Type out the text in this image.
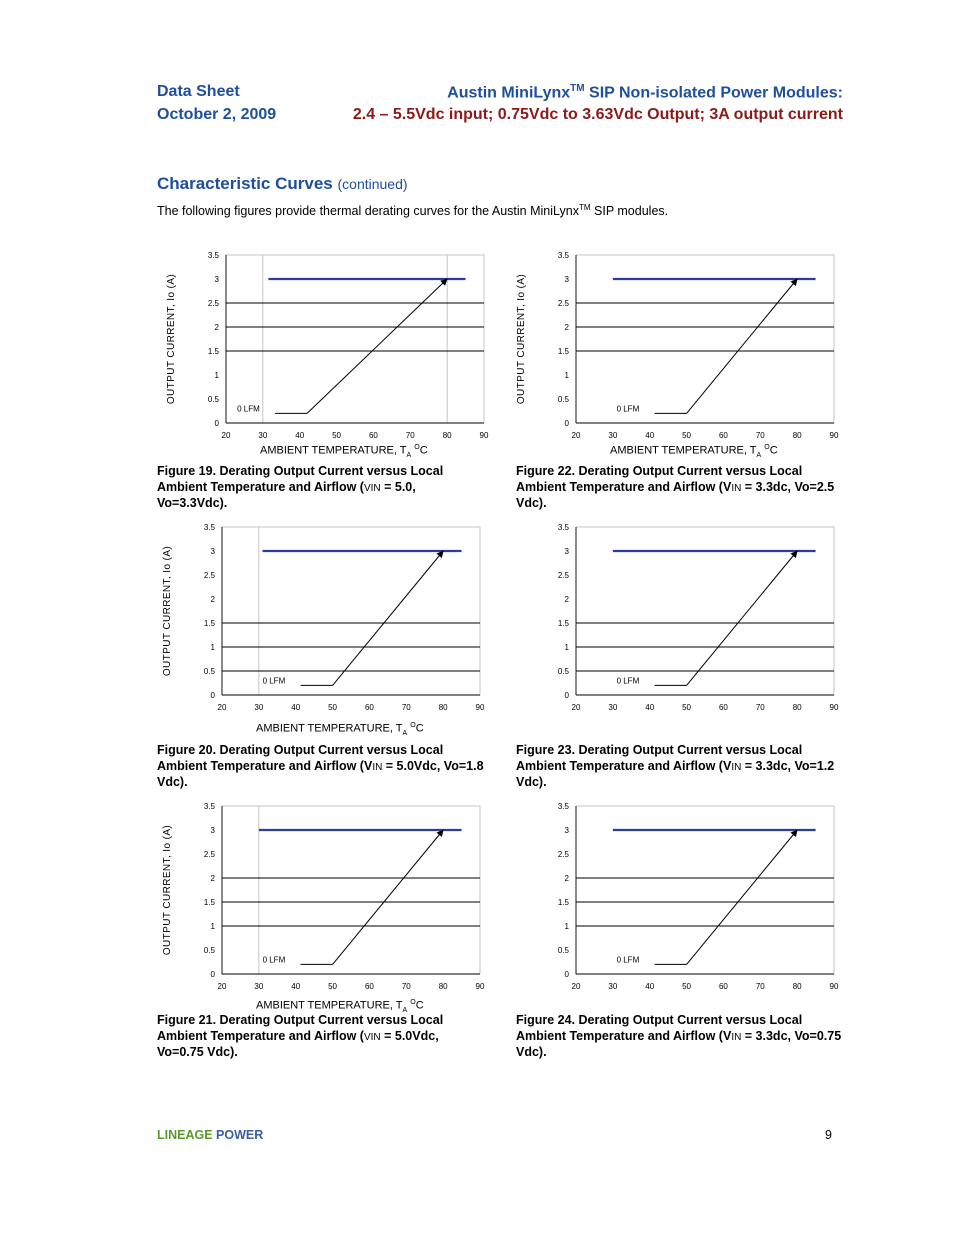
Data Sheet
October 2, 2009
Austin MiniLynx™ SIP Non-isolated Power Modules:
2.4 – 5.5Vdc input; 0.75Vdc to 3.63Vdc Output; 3A output current
Characteristic Curves (continued)
The following figures provide thermal derating curves for the Austin MiniLynx™ SIP modules.
0
0.5
1
1.5
2
2.5
3
3.5
20	30	40	50	60	70	80	90
0 LFM
OUTPUT CURRENT, Io (A)
AMBIENT TEMPERATURE, $T_A$ $^O$C
0
0.5
1
1.5
2
2.5
3
3.5
20	30	40	50	60	70	80	90
0 LFM
OUTPUT CURRENT, Io (A)
AMBIENT TEMPERATURE, $T_A$ $^O$C
0
0.5
1
1.5
2
2.5
3
3.5
20	30	40	50	60	70	80	90
0 LFM
OUTPUT CURRENT, Io (A)
AMBIENT TEMPERATURE, $T_A$ $^O$C
0
0.5
1
1.5
2
2.5
3
3.5
20	30	40	50	60	70	80	90
0 LFM
0
0.5
1
1.5
2
2.5
3
3.5
20	30	40	50	60	70	80	90
0 LFM
OUTPUT CURRENT, Io (A)
AMBIENT TEMPERATURE, $T_A$ $^O$C
0
0.5
1
1.5
2
2.5
3
3.5
20	30	40	50	60	70	80	90
0 LFM
Figure 19. Derating Output Current versus Local Ambient Temperature and Airflow (VIN = 5.0, Vo=3.3Vdc).
Figure 22. Derating Output Current versus Local Ambient Temperature and Airflow (VIN = 3.3dc, Vo=2.5 Vdc).
Figure 20. Derating Output Current versus Local Ambient Temperature and Airflow (VIN = 5.0Vdc, Vo=1.8 Vdc).
Figure 23. Derating Output Current versus Local Ambient Temperature and Airflow (VIN = 3.3dc, Vo=1.2 Vdc).
Figure 21. Derating Output Current versus Local Ambient Temperature and Airflow (VIN = 5.0Vdc, Vo=0.75 Vdc).
Figure 24. Derating Output Current versus Local Ambient Temperature and Airflow (VIN = 3.3dc, Vo=0.75 Vdc).
LINEAGE POWER	9
